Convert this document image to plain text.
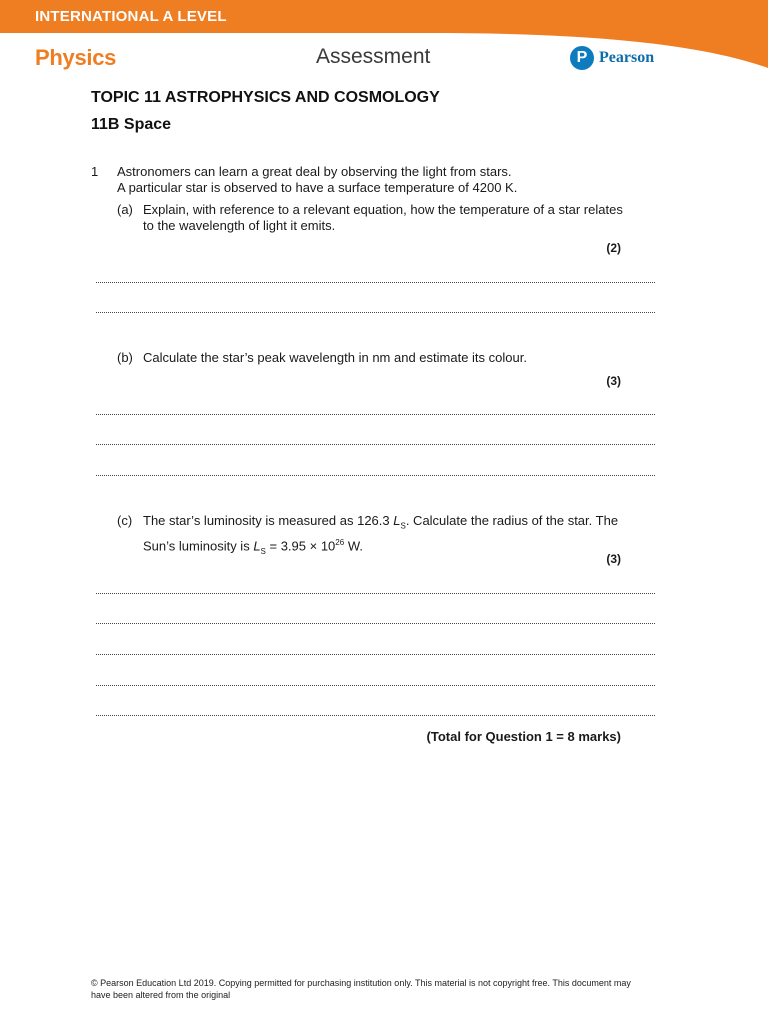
INTERNATIONAL A LEVEL
Physics	Assessment	P Pearson
TOPIC 11 ASTROPHYSICS AND COSMOLOGY
11B Space
1 Astronomers can learn a great deal by observing the light from stars.
A particular star is observed to have a surface temperature of 4200 K.
(a) Explain, with reference to a relevant equation, how the temperature of a star relates to the wavelength of light it emits.
(2)
(b) Calculate the star’s peak wavelength in nm and estimate its colour.
(3)
(c) The star’s luminosity is measured as 126.3 $L_S$. Calculate the radius of the star. The Sun’s luminosity is $L_S = 3.95 \times 10^{26}$ W.
(3)
(Total for Question 1 = 8 marks)
© Pearson Education Ltd 2019. Copying permitted for purchasing institution only. This material is not copyright free. This document may have been altered from the original
